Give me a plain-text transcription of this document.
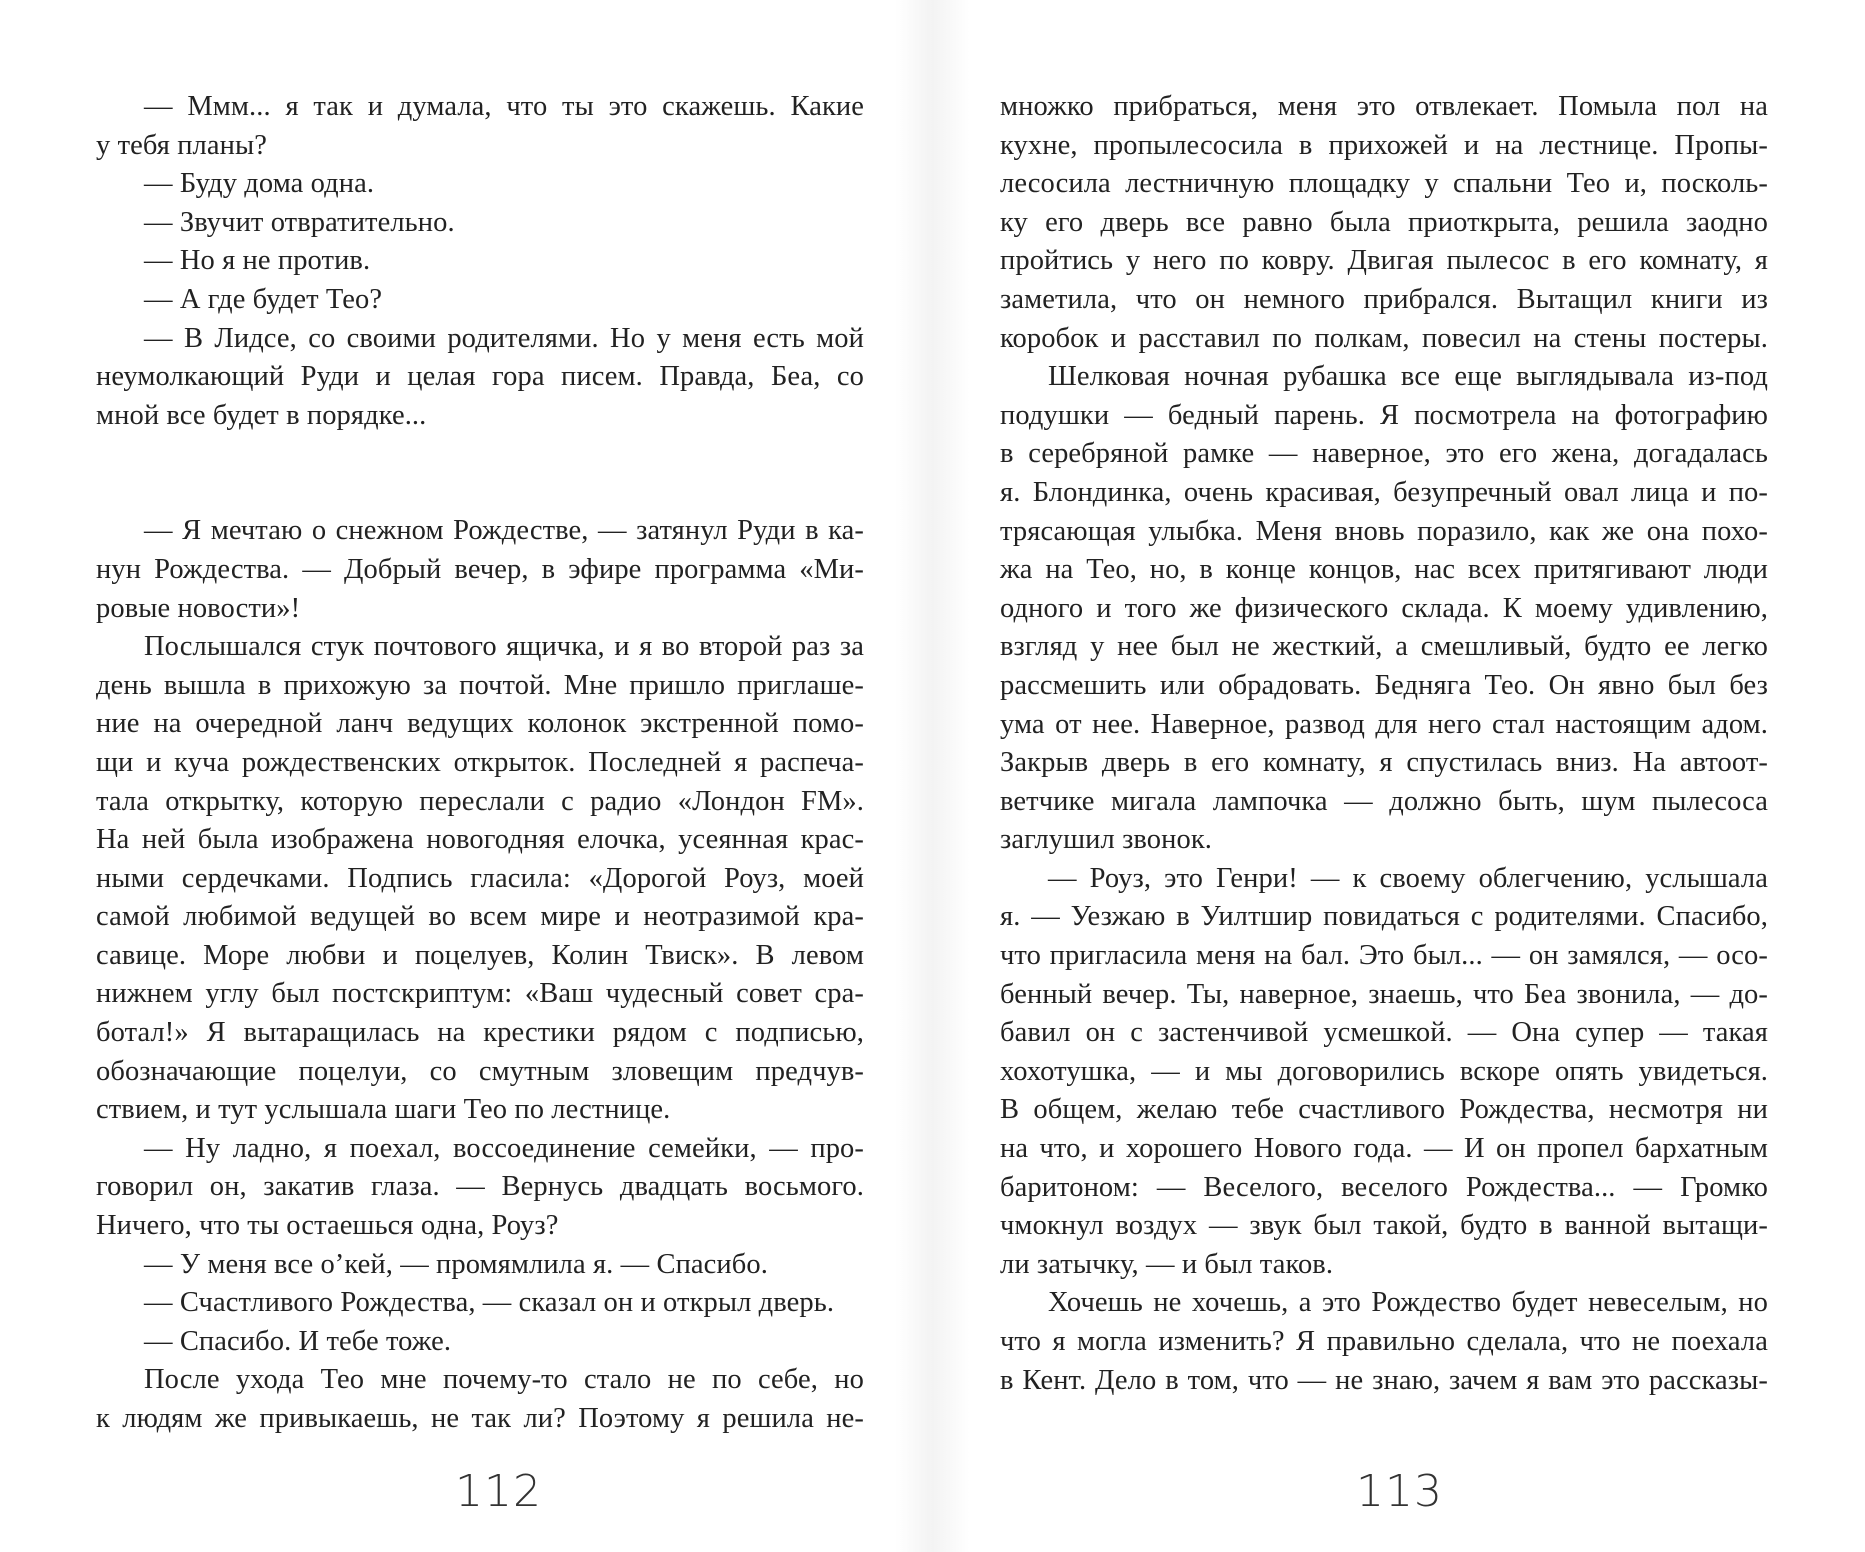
— Ммм... я так и думала, что ты это скажешь. Какие
у тебя планы?
— Буду дома одна.
— Звучит отвратительно.
— Но я не против.
— А где будет Тео?
— В Лидсе, со своими родителями. Но у меня есть мой
неумолкающий Руди и целая гора писем. Правда, Беа, со
мной все будет в порядке...
— Я мечтаю о снежном Рождестве, — затянул Руди в ка-
нун Рождества. — Добрый вечер, в эфире программа «Ми-
ровые новости»!
Послышался стук почтового ящичка, и я во второй раз за
день вышла в прихожую за почтой. Мне пришло приглаше-
ние на очередной ланч ведущих колонок экстренной помо-
щи и куча рождественских открыток. Последней я распеча-
тала открытку, которую переслали с радио «Лондон FM».
На ней была изображена новогодняя елочка, усеянная крас-
ными сердечками. Подпись гласила: «Дорогой Роуз, моей
самой любимой ведущей во всем мире и неотразимой кра-
савице. Море любви и поцелуев, Колин Твиск». В левом
нижнем углу был постскриптум: «Ваш чудесный совет сра-
ботал!» Я вытаращилась на крестики рядом с подписью,
обозначающие поцелуи, со смутным зловещим предчув-
ствием, и тут услышала шаги Тео по лестнице.
— Ну ладно, я поехал, воссоединение семейки, — про-
говорил он, закатив глаза. — Вернусь двадцать восьмого.
Ничего, что ты остаешься одна, Роуз?
— У меня все о’кей, — промямлила я. — Спасибо.
— Счастливого Рождества, — сказал он и открыл дверь.
— Спасибо. И тебе тоже.
После ухода Тео мне почему-то стало не по себе, но
к людям же привыкаешь, не так ли? Поэтому я решила не-
множко прибраться, меня это отвлекает. Помыла пол на
кухне, пропылесосила в прихожей и на лестнице. Пропы-
лесосила лестничную площадку у спальни Тео и, посколь-
ку его дверь все равно была приоткрыта, решила заодно
пройтись у него по ковру. Двигая пылесос в его комнату, я
заметила, что он немного прибрался. Вытащил книги из
коробок и расставил по полкам, повесил на стены постеры.
Шелковая ночная рубашка все еще выглядывала из-под
подушки — бедный парень. Я посмотрела на фотографию
в серебряной рамке — наверное, это его жена, догадалась
я. Блондинка, очень красивая, безупречный овал лица и по-
трясающая улыбка. Меня вновь поразило, как же она похо-
жа на Тео, но, в конце концов, нас всех притягивают люди
одного и того же физического склада. К моему удивлению,
взгляд у нее был не жесткий, а смешливый, будто ее легко
рассмешить или обрадовать. Бедняга Тео. Он явно был без
ума от нее. Наверное, развод для него стал настоящим адом.
Закрыв дверь в его комнату, я спустилась вниз. На автоот-
ветчике мигала лампочка — должно быть, шум пылесоса
заглушил звонок.
— Роуз, это Генри! — к своему облегчению, услышала
я. — Уезжаю в Уилтшир повидаться с родителями. Спасибо,
что пригласила меня на бал. Это был... — он замялся, — осо-
бенный вечер. Ты, наверное, знаешь, что Беа звонила, — до-
бавил он с застенчивой усмешкой. — Она супер — такая
хохотушка, — и мы договорились вскоре опять увидеться.
В общем, желаю тебе счастливого Рождества, несмотря ни
на что, и хорошего Нового года. — И он пропел бархатным
баритоном: — Веселого, веселого Рождества... — Громко
чмокнул воздух — звук был такой, будто в ванной вытащи-
ли затычку, — и был таков.
Хочешь не хочешь, а это Рождество будет невеселым, но
что я могла изменить? Я правильно сделала, что не поехала
в Кент. Дело в том, что — не знаю, зачем я вам это рассказы-
112	113
